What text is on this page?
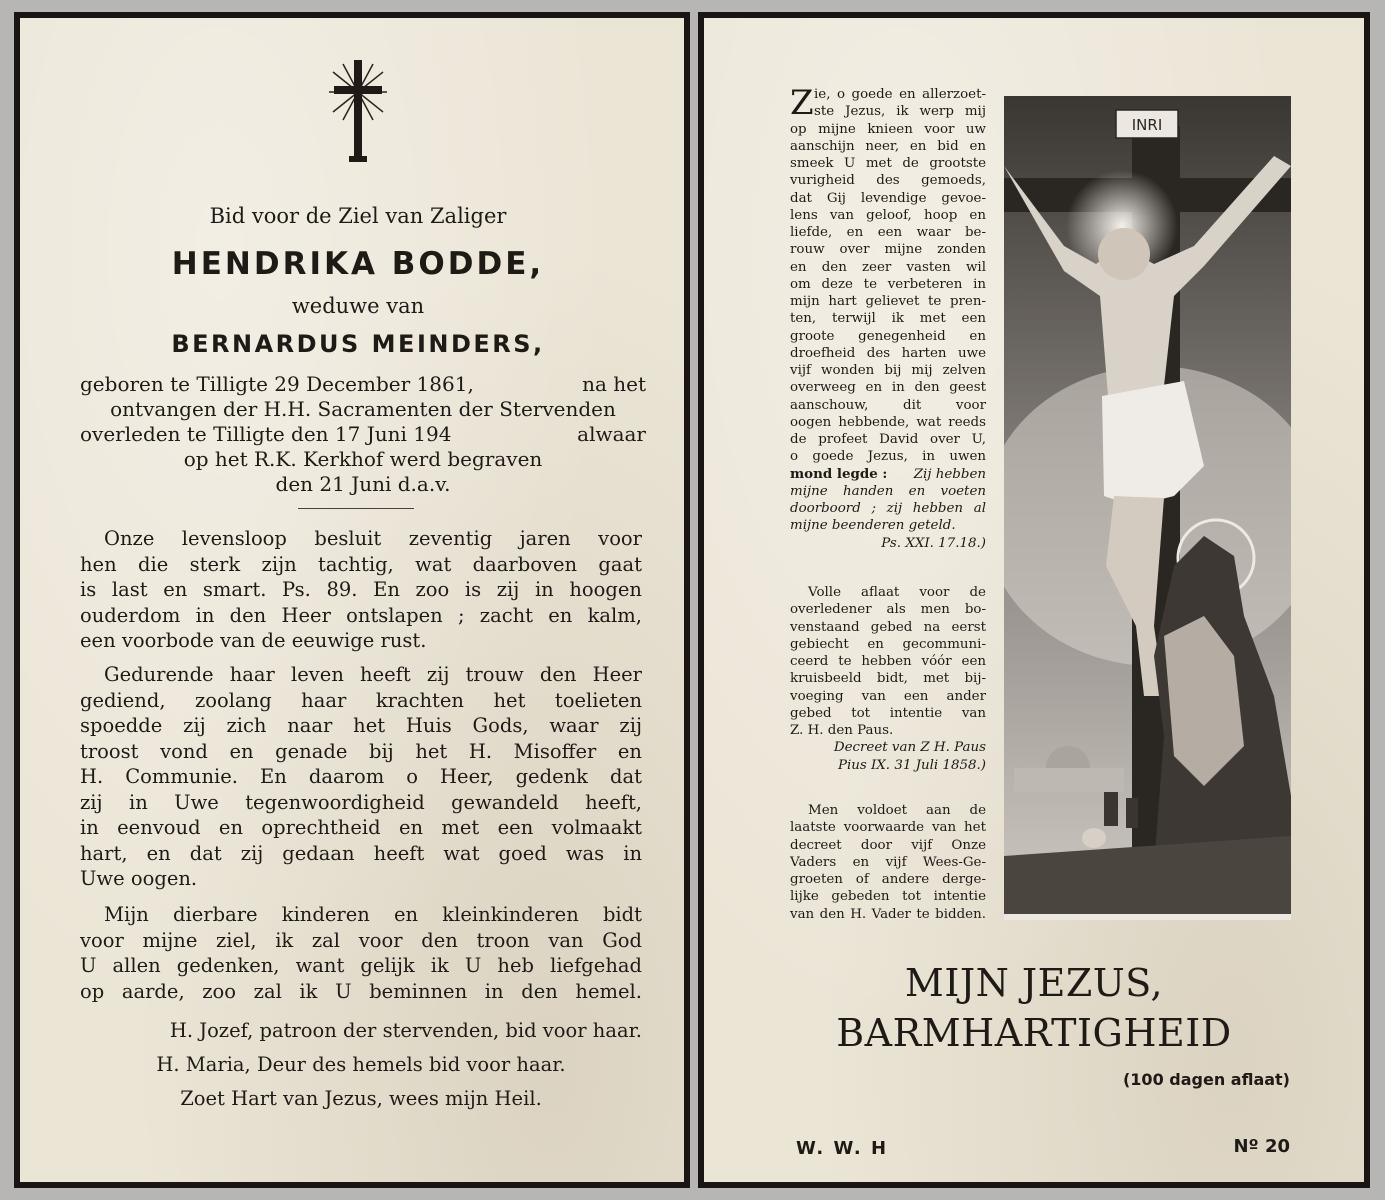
Bid voor de Ziel van Zaliger
HENDRIKA BODDE,
weduwe van
BERNARDUS MEINDERS,
geboren te Tilligte 29 December 1861,	na het
ontvangen der H.H. Sacramenten der Stervenden
overleden te Tilligte den 17 Juni 194	alwaar
op het R.K. Kerkhof werd begraven
den 21 Juni d.a.v.
Onze levensloop besluit zeventig jaren voor
hen die sterk zijn tachtig, wat daarboven gaat
is last en smart. Ps. 89. En zoo is zij in hoogen
ouderdom in den Heer ontslapen ; zacht en kalm,
een voorbode van de eeuwige rust.
Gedurende haar leven heeft zij trouw den Heer
gediend, zoolang haar krachten het toelieten
spoedde zij zich naar het Huis Gods, waar zij
troost vond en genade bij het H. Misoffer en
H. Communie. En daarom o Heer, gedenk dat
zij in Uwe tegenwoordigheid gewandeld heeft,
in eenvoud en oprechtheid en met een volmaakt
hart, en dat zij gedaan heeft wat goed was in
Uwe oogen.
Mijn dierbare kinderen en kleinkinderen bidt
voor mijne ziel, ik zal voor den troon van God
U allen gedenken, want gelijk ik U heb liefgehad
op aarde, zoo zal ik U beminnen in den hemel.
H. Jozef, patroon der stervenden, bid voor haar.
H. Maria, Deur des hemels bid voor haar.
Zoet Hart van Jezus, wees mijn Heil.
Z ie, o goede en allerzoet-
ste Jezus, ik werp mij
op mijne knieen voor uw
aanschijn neer, en bid en
smeek U met de grootste
vurigheid des gemoeds,
dat Gij levendige gevoe-
lens van geloof, hoop en
liefde, en een waar be-
rouw over mijne zonden
en den zeer vasten wil
om deze te verbeteren in
mijn hart gelievet te pren-
ten, terwijl ik met een
groote genegenheid en
droefheid des harten uwe
vijf wonden bij mij zelven
overweeg en in den geest
aanschouw, dit voor
oogen hebbende, wat reeds
de profeet David over U,
o goede Jezus, in uwen
mond legde : Zij hebben
mijne handen en voeten
doorboord ; zij hebben al
mijne beenderen geteld.
Ps. XXI. 17.18.)
Volle aflaat voor de
overledener als men bo-
venstaand gebed na eerst
gebiecht en gecommuni-
ceerd te hebben vóór een
kruisbeeld bidt, met bij-
voeging van een ander
gebed tot intentie van
Z. H. den Paus.
Decreet van Z H. Paus
Pius IX. 31 Juli 1858.)
Men voldoet aan de
laatste voorwaarde van het
decreet door vijf Onze
Vaders en vijf Wees-Ge-
groeten of andere derge-
lijke gebeden tot intentie
van den H. Vader te bidden.
INRI
MIJN JEZUS,
BARMHARTIGHEID
(100 dagen aflaat)
W. W. H	Nº 20
